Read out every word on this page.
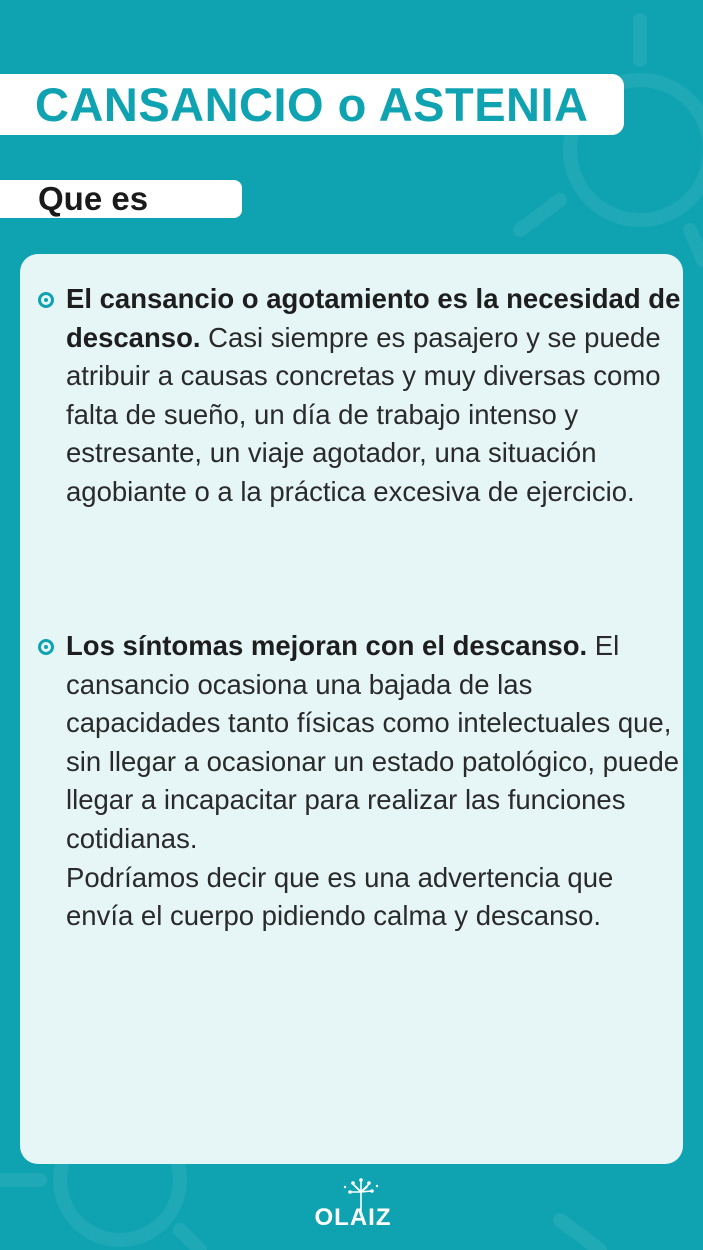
CANSANCIO o ASTENIA
Que es

El cansancio o agotamiento es la necesidad de descanso. Casi siempre es pasajero y se puede atribuir a causas concretas y muy diversas como falta de sueño, un día de trabajo intenso y estresante, un viaje agotador, una situación agobiante o a la práctica excesiva de ejercicio.

Los síntomas mejoran con el descanso. El cansancio ocasiona una bajada de las capacidades tanto físicas como intelectuales que, sin llegar a ocasionar un estado patológico, puede llegar a incapacitar para realizar las funciones cotidianas.
Podríamos decir que es una advertencia que envía el cuerpo pidiendo calma y descanso.

OLAIZ
